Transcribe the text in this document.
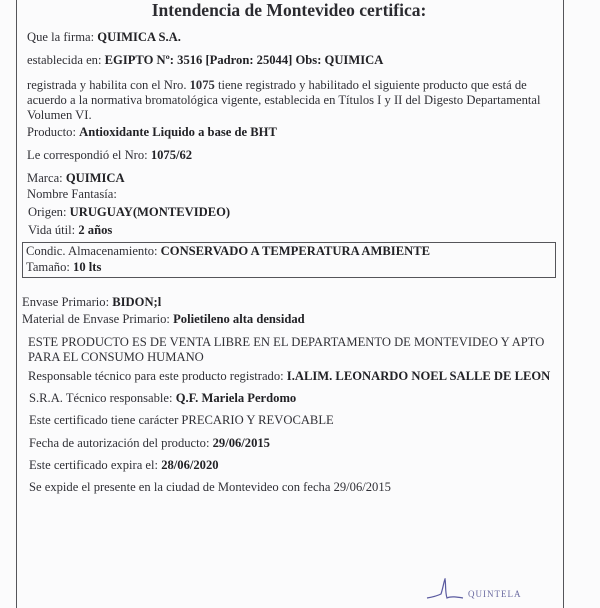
Intendencia de Montevideo certifica:
Que la firma: QUIMICA S.A.
establecida en: EGIPTO Nº: 3516 [Padron: 25044] Obs: QUIMICA
registrada y habilita con el Nro. 1075 tiene registrado y habilitado el siguiente producto que está de
acuerdo a la normativa bromatológica vigente, establecida en Títulos I y II del Digesto Departamental
Volumen VI.
Producto: Antioxidante Liquido a base de BHT
Le correspondió el Nro: 1075/62
Marca: QUIMICA
Nombre Fantasía:
Origen: URUGUAY(MONTEVIDEO)
Vida útil: 2 años
Condic. Almacenamiento: CONSERVADO A TEMPERATURA AMBIENTE
Tamaño: 10 lts
Envase Primario: BIDON;l
Material de Envase Primario: Polietileno alta densidad
ESTE PRODUCTO ES DE VENTA LIBRE EN EL DEPARTAMENTO DE MONTEVIDEO Y APTO
PARA EL CONSUMO HUMANO
Responsable técnico para este producto registrado: I.ALIM. LEONARDO NOEL SALLE DE LEON
S.R.A. Técnico responsable: Q.F. Mariela Perdomo
Este certificado tiene carácter PRECARIO Y REVOCABLE
Fecha de autorización del producto: 29/06/2015
Este certificado expira el: 28/06/2020
Se expide el presente en la ciudad de Montevideo con fecha 29/06/2015
QUINTELA
